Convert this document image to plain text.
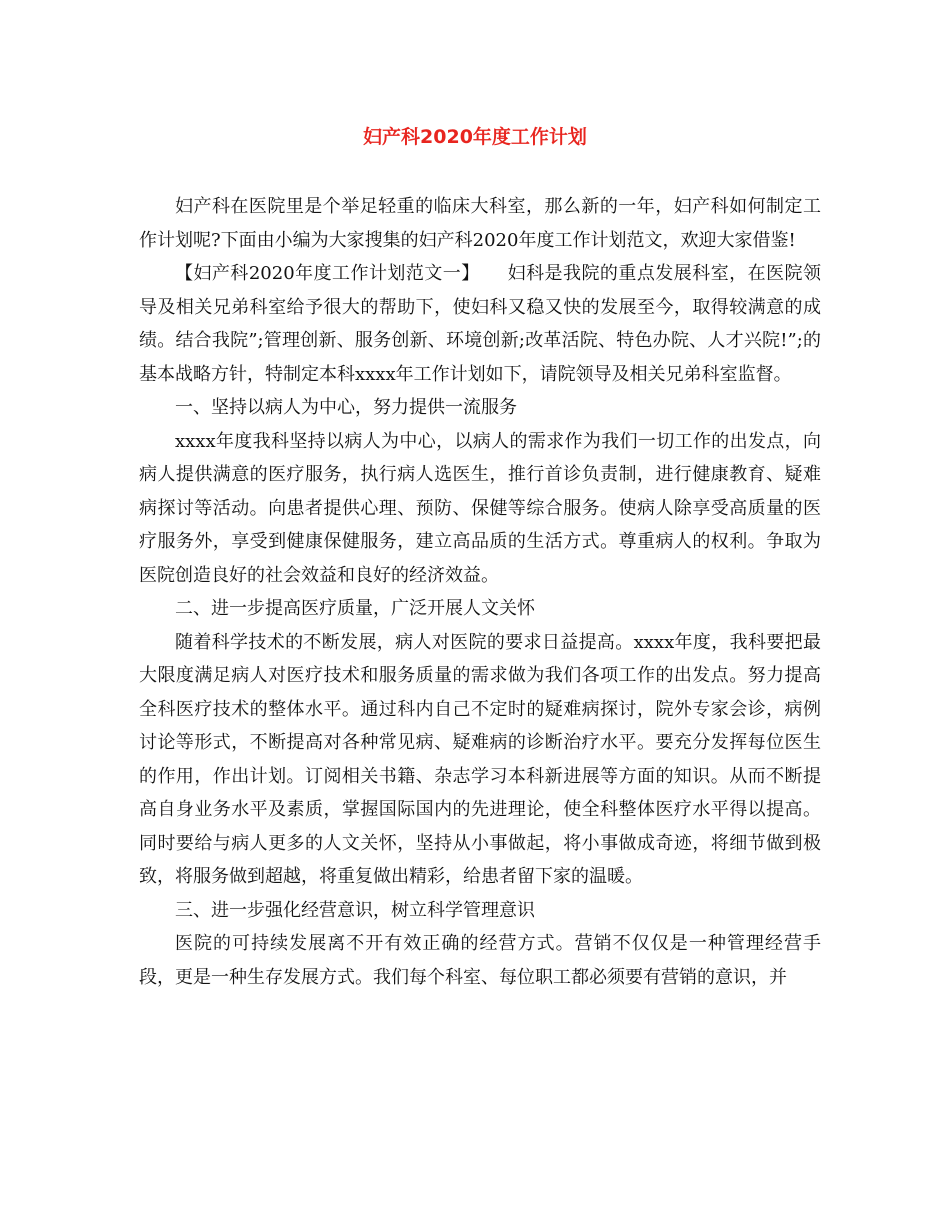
妇产科2020年度工作计划

妇产科在医院里是个举足轻重的临床大科室，那么新的一年，妇产科如何制定工作计划呢?下面由小编为大家搜集的妇产科2020年度工作计划范文，欢迎大家借鉴!

【妇产科2020年度工作计划范文一】　　妇科是我院的重点发展科室，在医院领导及相关兄弟科室给予很大的帮助下，使妇科又稳又快的发展至今，取得较满意的成绩。结合我院”;管理创新、服务创新、环境创新;改革活院、特色办院、人才兴院!”;的基本战略方针，特制定本科xxxx年工作计划如下，请院领导及相关兄弟科室监督。

一、坚持以病人为中心，努力提供一流服务

xxxx年度我科坚持以病人为中心，以病人的需求作为我们一切工作的出发点，向病人提供满意的医疗服务，执行病人选医生，推行首诊负责制，进行健康教育、疑难病探讨等活动。向患者提供心理、预防、保健等综合服务。使病人除享受高质量的医疗服务外，享受到健康保健服务，建立高品质的生活方式。尊重病人的权利。争取为医院创造良好的社会效益和良好的经济效益。

二、进一步提高医疗质量，广泛开展人文关怀

随着科学技术的不断发展，病人对医院的要求日益提高。xxxx年度，我科要把最大限度满足病人对医疗技术和服务质量的需求做为我们各项工作的出发点。努力提高全科医疗技术的整体水平。通过科内自己不定时的疑难病探讨，院外专家会诊，病例讨论等形式，不断提高对各种常见病、疑难病的诊断治疗水平。要充分发挥每位医生的作用，作出计划。订阅相关书籍、杂志学习本科新进展等方面的知识。从而不断提高自身业务水平及素质，掌握国际国内的先进理论，使全科整体医疗水平得以提高。同时要给与病人更多的人文关怀，坚持从小事做起，将小事做成奇迹，将细节做到极致，将服务做到超越，将重复做出精彩，给患者留下家的温暖。

三、进一步强化经营意识，树立科学管理意识

医院的可持续发展离不开有效正确的经营方式。营销不仅仅是一种管理经营手段，更是一种生存发展方式。我们每个科室、每位职工都必须要有营销的意识，并
